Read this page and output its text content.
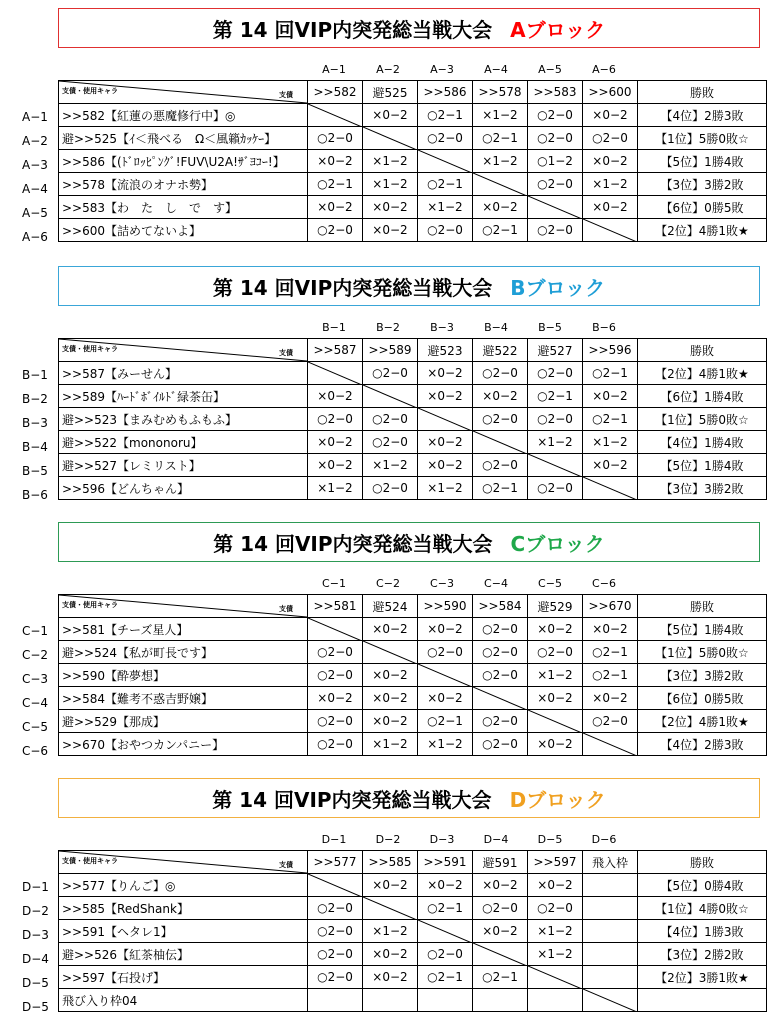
第 14 回VIP内突発総当戦大会 Aブロック
A−1	A−2	A−3	A−4	A−5	A−6
支債・使用キャラ 支債	>>582	避525	>>586	>>578	>>583	>>600	勝敗
>>582【紅蓮の悪魔修行中】◎		×0−2	○2−1	×1−2	○2−0	×0−2	【4位】2勝3敗
避>>525【ｲ＜飛べる　Ω＜風籟ｶｯｹｰ】	○2−0		○2−0	○2−1	○2−0	○2−0	【1位】5勝0敗☆
>>586【(ﾄﾞﾛｯﾋﾟﾝｸﾞ!FUV\U2A!ｻﾞﾖｺｰ!】	×0−2	×1−2		×1−2	○1−2	×0−2	【5位】1勝4敗
>>578【流浪のオナホ勢】	○2−1	×1−2	○2−1		○2−0	×1−2	【3位】3勝2敗
>>583【わ　た　し　で　す】	×0−2	×0−2	×1−2	×0−2		×0−2	【6位】0勝5敗
>>600【詰めてないよ】	○2−0	×0−2	○2−0	○2−1	○2−0		【2位】4勝1敗★
A−1
A−2
A−3
A−4
A−5
A−6
第 14 回VIP内突発総当戦大会 Bブロック
B−1	B−2	B−3	B−4	B−5	B−6
支債・使用キャラ 支債	>>587	>>589	避523	避522	避527	>>596	勝敗
>>587【みーせん】		○2−0	×0−2	○2−0	○2−0	○2−1	【2位】4勝1敗★
>>589【ﾊｰﾄﾞﾎﾞｲﾙﾄﾞ緑茶缶】	×0−2		×0−2	×0−2	○2−1	×0−2	【6位】1勝4敗
避>>523【まみむめもふもふ】	○2−0	○2−0		○2−0	○2−0	○2−1	【1位】5勝0敗☆
避>>522【mononoru】	×0−2	○2−0	×0−2		×1−2	×1−2	【4位】1勝4敗
避>>527【レミリスト】	×0−2	×1−2	×0−2	○2−0		×0−2	【5位】1勝4敗
>>596【どんちゃん】	×1−2	○2−0	×1−2	○2−1	○2−0		【3位】3勝2敗
B−1
B−2
B−3
B−4
B−5
B−6
第 14 回VIP内突発総当戦大会 Cブロック
C−1	C−2	C−3	C−4	C−5	C−6
支債・使用キャラ 支債	>>581	避524	>>590	>>584	避529	>>670	勝敗
>>581【チーズ星人】		×0−2	×0−2	○2−0	×0−2	×0−2	【5位】1勝4敗
避>>524【私が町長です】	○2−0		○2−0	○2−0	○2−0	○2−1	【1位】5勝0敗☆
>>590【酔夢想】	○2−0	×0−2		○2−0	×1−2	○2−1	【3位】3勝2敗
>>584【難考不惑吉野嬢】	×0−2	×0−2	×0−2		×0−2	×0−2	【6位】0勝5敗
避>>529【那成】	○2−0	×0−2	○2−1	○2−0		○2−0	【2位】4勝1敗★
>>670【おやつカンパニー】	○2−0	×1−2	×1−2	○2−0	×0−2		【4位】2勝3敗
C−1
C−2
C−3
C−4
C−5
C−6
第 14 回VIP内突発総当戦大会 Dブロック
D−1	D−2	D−3	D−4	D−5	D−6
支債・使用キャラ 支債	>>577	>>585	>>591	避591	>>597	飛入枠	勝敗
>>577【りんご】◎		×0−2	×0−2	×0−2	×0−2		【5位】0勝4敗
>>585【RedShank】	○2−0		○2−1	○2−0	○2−0		【1位】4勝0敗☆
>>591【ヘタレ1】	○2−0	×1−2		×0−2	×1−2		【4位】1勝3敗
避>>526【紅茶柚伝】	○2−0	×0−2	○2−0		×1−2		【3位】2勝2敗
>>597【石投げ】	○2−0	×0−2	○2−1	○2−1			【2位】3勝1敗★
飛び入り枠04						

D−1
D−2
D−3
D−4
D−5
D−5
